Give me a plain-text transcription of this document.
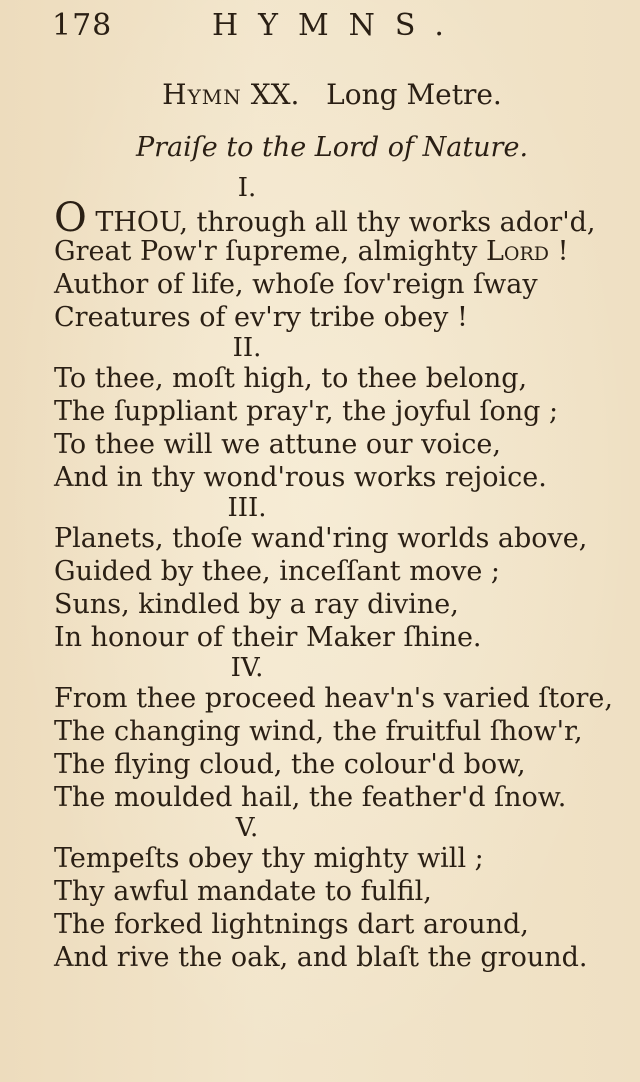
178	HYMNS.
Hymn XX. Long Metre.
Praiſe to the Lord of Nature.
I.
O THOU, through all thy works ador'd,
Great Pow'r ſupreme, almighty Lord !
Author of life, whoſe ſov'reign ſway
Creatures of ev'ry tribe obey !
II.
To thee, moſt high, to thee belong,
The ſuppliant pray'r, the joyful ſong ;
To thee will we attune our voice,
And in thy wond'rous works rejoice.
III.
Planets, thoſe wand'ring worlds above,
Guided by thee, inceſſant move ;
Suns, kindled by a ray divine,
In honour of their Maker ſhine.
IV.
From thee proceed heav'n's varied ſtore,
The changing wind, the fruitful ſhow'r,
The flying cloud, the colour'd bow,
The moulded hail, the feather'd ſnow.
V.
Tempeſts obey thy mighty will ;
Thy awful mandate to fulfil,
The forked lightnings dart around,
And rive the oak, and blaſt the ground.
